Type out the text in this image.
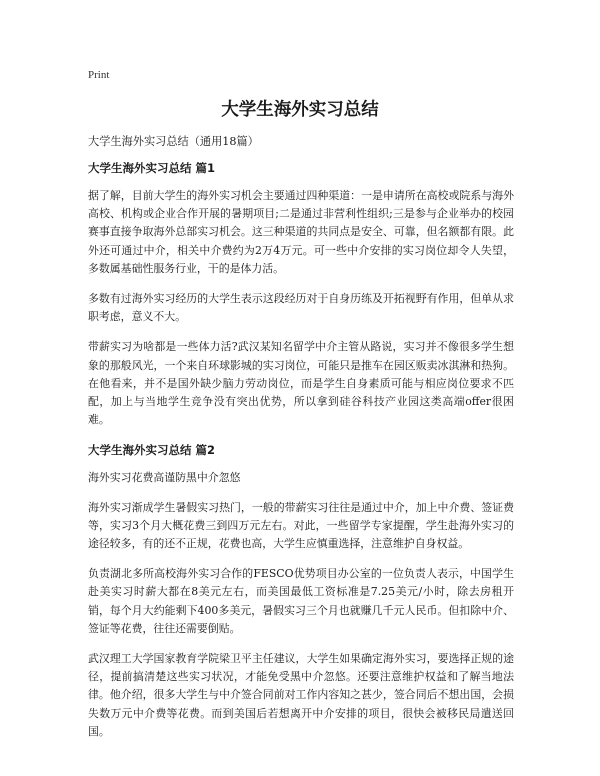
Print
大学生海外实习总结
大学生海外实习总结（通用18篇）
大学生海外实习总结 篇1

据了解，目前大学生的海外实习机会主要通过四种渠道：一是申请所在高校或院系与海外高校、机构或企业合作开展的暑期项目;二是通过非营利性组织;三是参与企业举办的校园赛事直接争取海外总部实习机会。这三种渠道的共同点是安全、可靠，但名额都有限。此外还可通过中介，相关中介费约为2万4万元。可一些中介安排的实习岗位却令人失望，多数属基础性服务行业，干的是体力活。

多数有过海外实习经历的大学生表示这段经历对于自身历练及开拓视野有作用，但单从求职考虑，意义不大。

带薪实习为啥都是一些体力活?武汉某知名留学中介主管从路说，实习并不像很多学生想象的那般风光，一个来自环球影城的实习岗位，可能只是推车在园区贩卖冰淇淋和热狗。在他看来，并不是国外缺少脑力劳动岗位，而是学生自身素质可能与相应岗位要求不匹配，加上与当地学生竞争没有突出优势，所以拿到硅谷科技产业园这类高端offer很困难。

大学生海外实习总结 篇2

海外实习花费高谨防黑中介忽悠

海外实习渐成学生暑假实习热门，一般的带薪实习往往是通过中介，加上中介费、签证费等，实习3个月大概花费三到四万元左右。对此，一些留学专家提醒，学生赴海外实习的途径较多，有的还不正规，花费也高，大学生应慎重选择，注意维护自身权益。

负责湖北多所高校海外实习合作的FESCO优势项目办公室的一位负责人表示，中国学生赴美实习时薪大都在8美元左右，而美国最低工资标准是7.25美元/小时，除去房租开销，每个月大约能剩下400多美元，暑假实习三个月也就赚几千元人民币。但扣除中介、签证等花费，往往还需要倒贴。

武汉理工大学国家教育学院梁卫平主任建议，大学生如果确定海外实习，要选择正规的途径，提前搞清楚这些实习状况，才能免受黑中介忽悠。还要注意维护权益和了解当地法律。他介绍，很多大学生与中介签合同前对工作内容知之甚少，签合同后不想出国，会损失数万元中介费等花费。而到美国后若想离开中介安排的项目，很快会被移民局遣送回国。
